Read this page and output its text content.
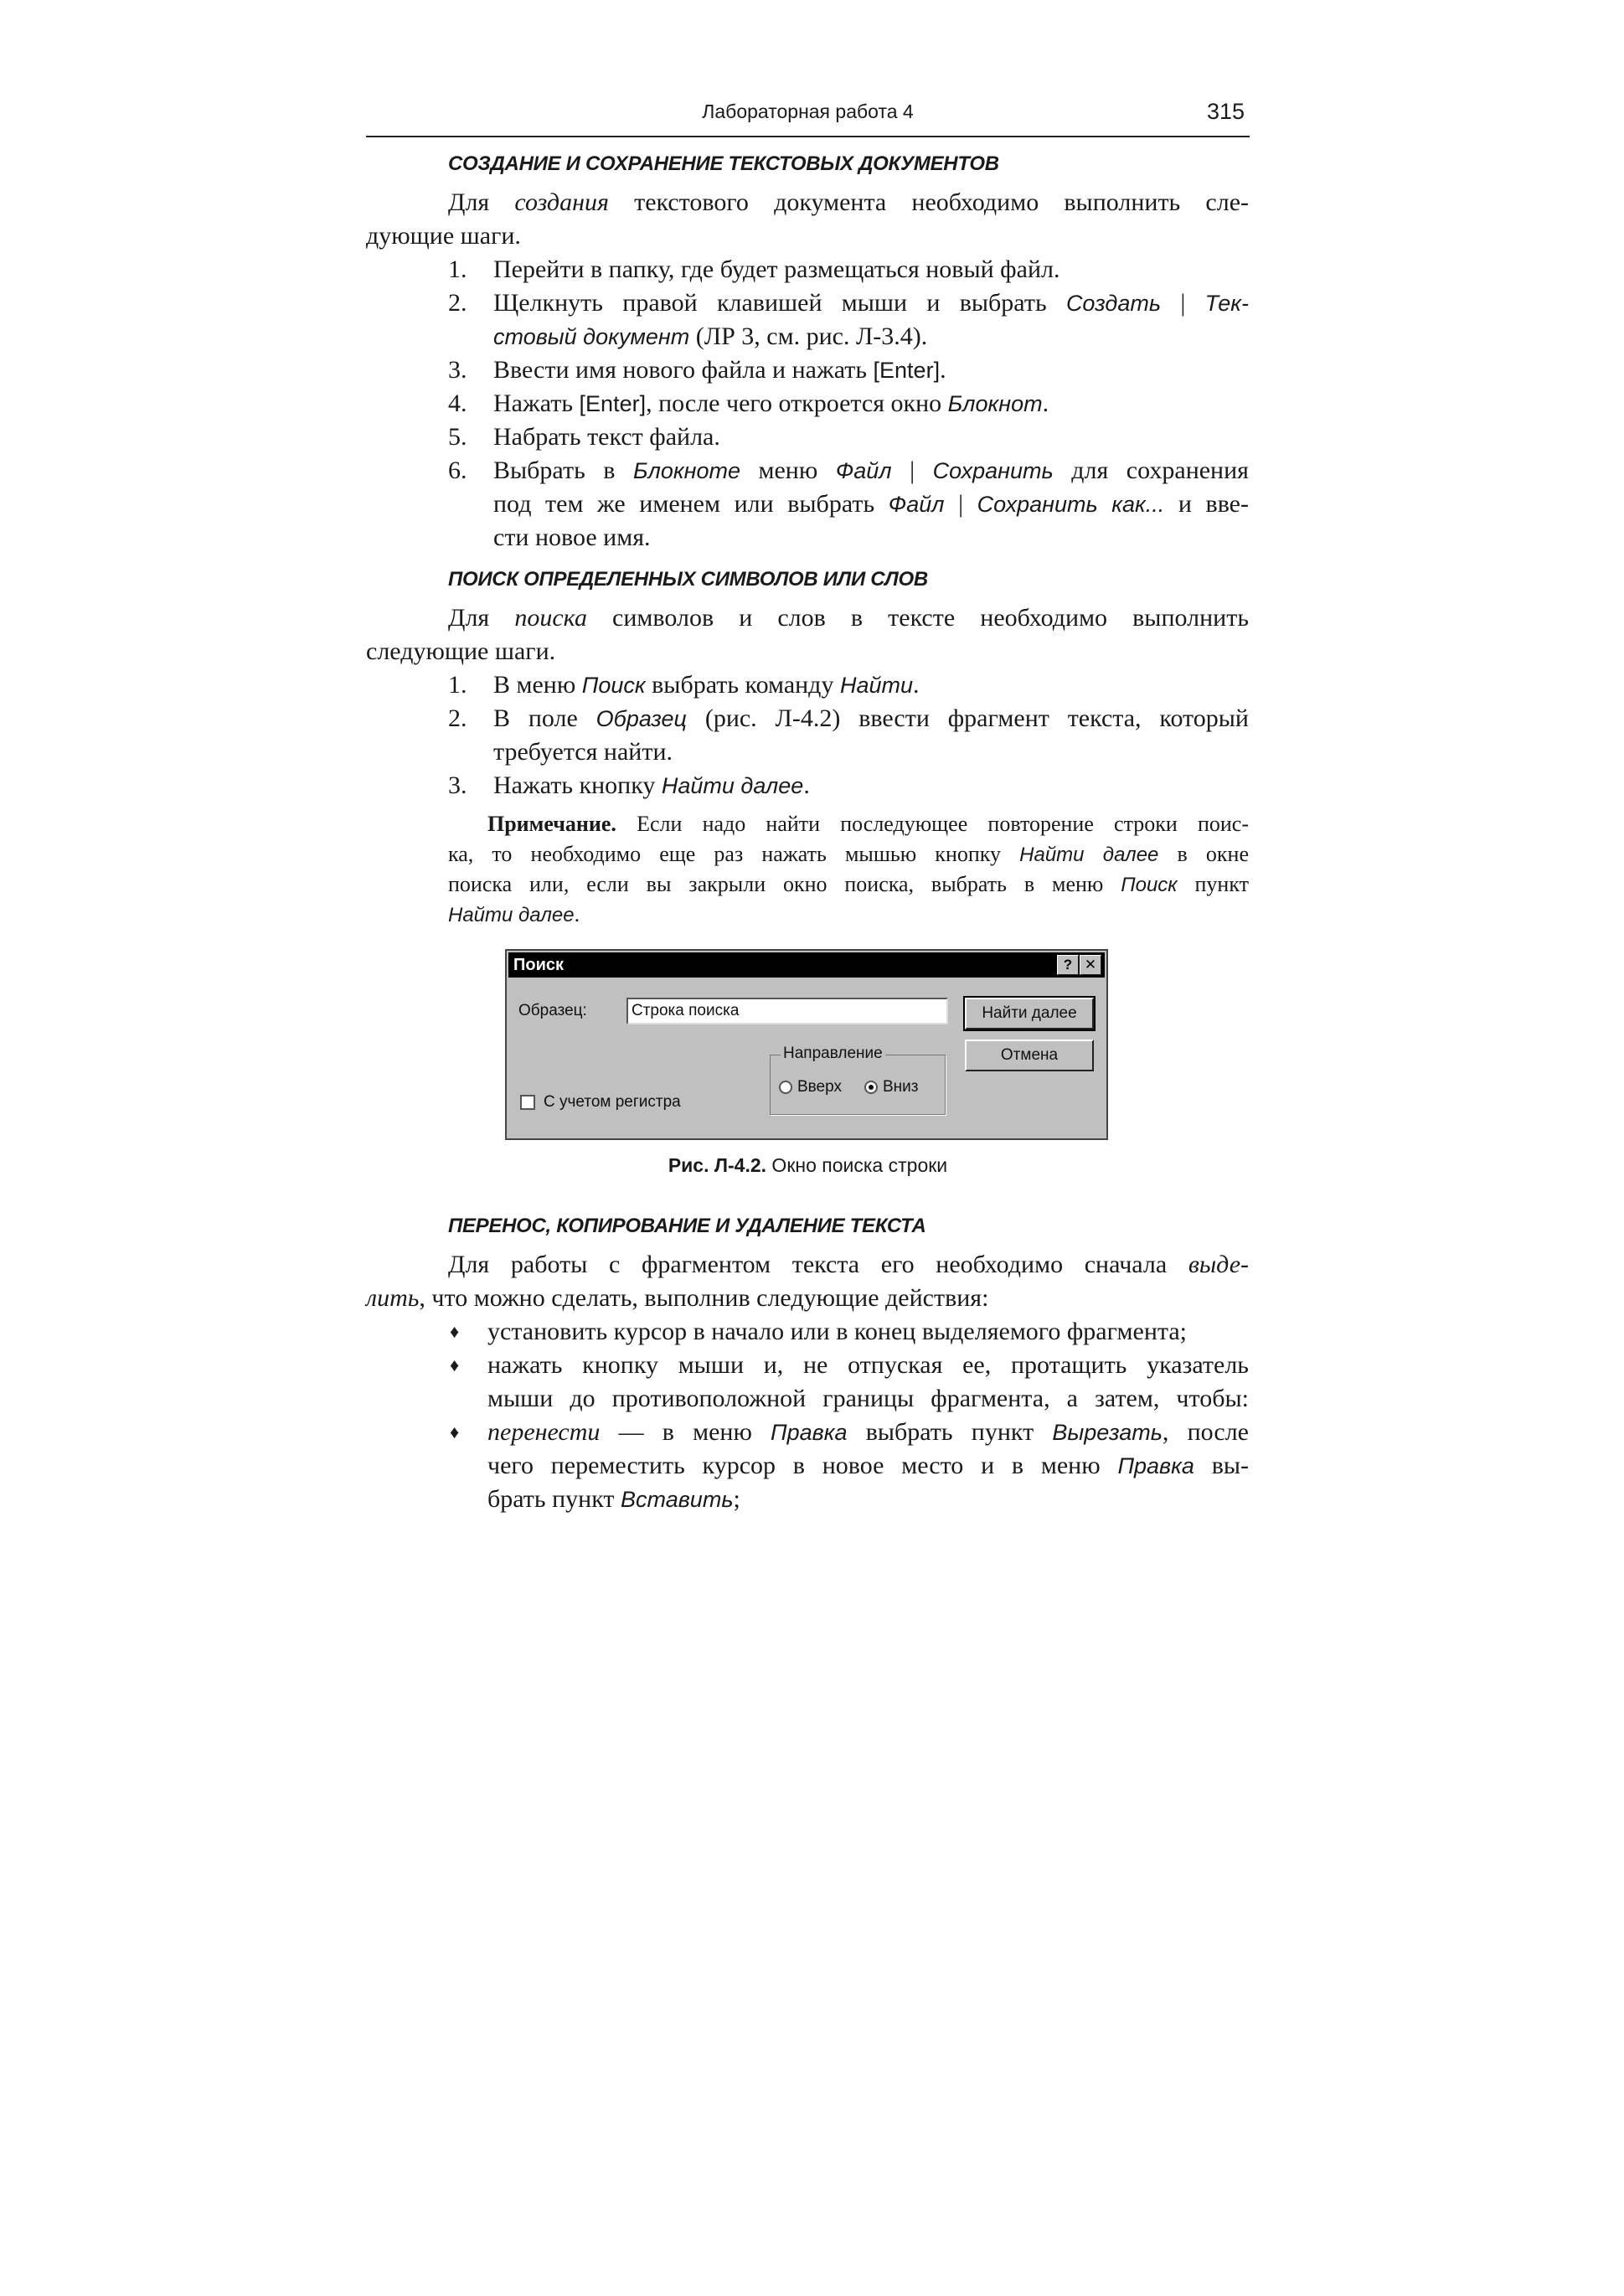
Лабораторная работа 4	315
СОЗДАНИЕ И СОХРАНЕНИЕ ТЕКСТОВЫХ ДОКУМЕНТОВ
Для создания текстового документа необходимо выполнить сле-
дующие шаги.
1. Перейти в папку, где будет размещаться новый файл.
2. Щелкнуть правой клавишей мыши и выбрать Создать | Тек-
стовый документ (ЛР 3, см. рис. Л-3.4).
3. Ввести имя нового файла и нажать [Enter].
4. Нажать [Enter], после чего откроется окно Блокнот.
5. Набрать текст файла.
6. Выбрать в Блокноте меню Файл | Сохранить для сохранения
под тем же именем или выбрать Файл | Сохранить как... и вве-
сти новое имя.
ПОИСК ОПРЕДЕЛЕННЫХ СИМВОЛОВ ИЛИ СЛОВ
Для поиска символов и слов в тексте необходимо выполнить
следующие шаги.
1. В меню Поиск выбрать команду Найти.
2. В поле Образец (рис. Л-4.2) ввести фрагмент текста, который
требуется найти.
3. Нажать кнопку Найти далее.
Примечание. Если надо найти последующее повторение строки поис-
ка, то необходимо еще раз нажать мышью кнопку Найти далее в окне
поиска или, если вы закрыли окно поиска, выбрать в меню Поиск пункт
Найти далее.
Рис. Л-4.2. Окно поиска строки
ПЕРЕНОС, КОПИРОВАНИЕ И УДАЛЕНИЕ ТЕКСТА
Для работы с фрагментом текста его необходимо сначала выде-
лить, что можно сделать, выполнив следующие действия:
♦ установить курсор в начало или в конец выделяемого фрагмента;
♦ нажать кнопку мыши и, не отпуская ее, протащить указатель
мыши до противоположной границы фрагмента, а затем, чтобы:
♦ перенести — в меню Правка выбрать пункт Вырезать, после
чего переместить курсор в новое место и в меню Правка вы-
брать пункт Вставить;
Поиск	? ✕
Образец:	Строка поиска	Найти далее
Отмена
Направление
Вверх	Вниз
С учетом регистра
